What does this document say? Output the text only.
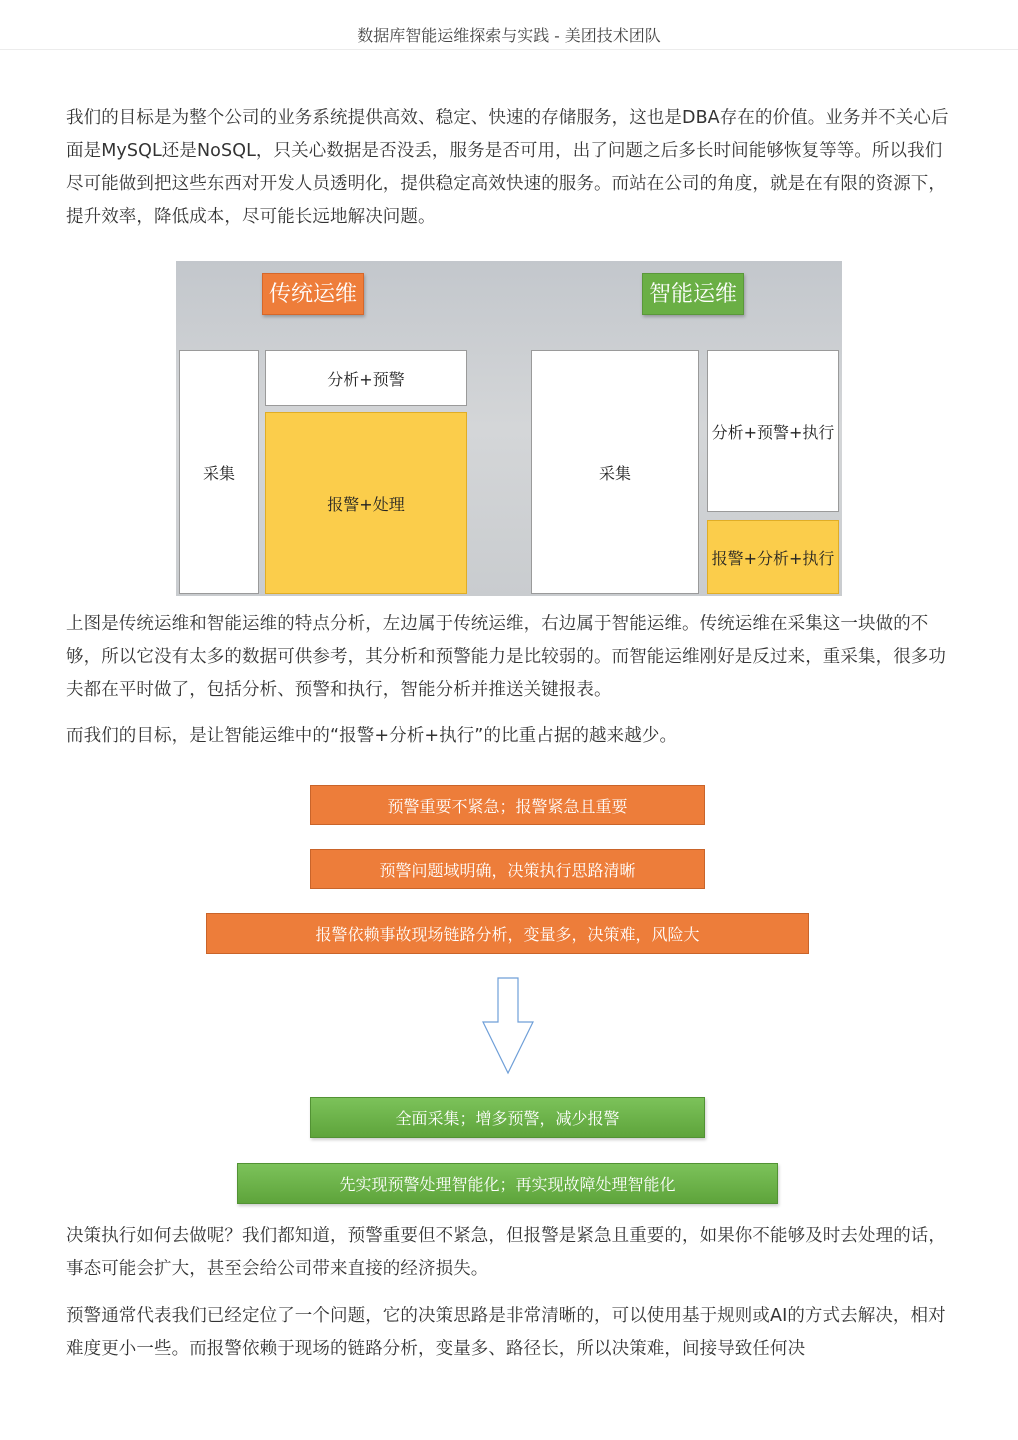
数据库智能运维探索与实践 - 美团技术团队

我们的目标是为整个公司的业务系统提供高效、稳定、快速的存储服务，这也是DBA存在的价值。业务并不关心后面是MySQL还是NoSQL，只关心数据是否没丢，服务是否可用，出了问题之后多长时间能够恢复等等。所以我们尽可能做到把这些东西对开发人员透明化，提供稳定高效快速的服务。而站在公司的角度，就是在有限的资源下，提升效率，降低成本，尽可能长远地解决问题。

传统运维	智能运维
采集
分析+预警
报警+处理
采集
分析+预警+执行
报警+分析+执行

上图是传统运维和智能运维的特点分析，左边属于传统运维，右边属于智能运维。传统运维在采集这一块做的不够，所以它没有太多的数据可供参考，其分析和预警能力是比较弱的。而智能运维刚好是反过来，重采集，很多功夫都在平时做了，包括分析、预警和执行，智能分析并推送关键报表。

而我们的目标，是让智能运维中的“报警+分析+执行”的比重占据的越来越少。

预警重要不紧急；报警紧急且重要
预警问题域明确，决策执行思路清晰
报警依赖事故现场链路分析，变量多，决策难，风险大
全面采集；增多预警，减少报警
先实现预警处理智能化；再实现故障处理智能化

决策执行如何去做呢？我们都知道，预警重要但不紧急，但报警是紧急且重要的，如果你不能够及时去处理的话，事态可能会扩大，甚至会给公司带来直接的经济损失。

预警通常代表我们已经定位了一个问题，它的决策思路是非常清晰的，可以使用基于规则或AI的方式去解决，相对难度更小一些。而报警依赖于现场的链路分析，变量多、路径长，所以决策难，间接导致任何决
